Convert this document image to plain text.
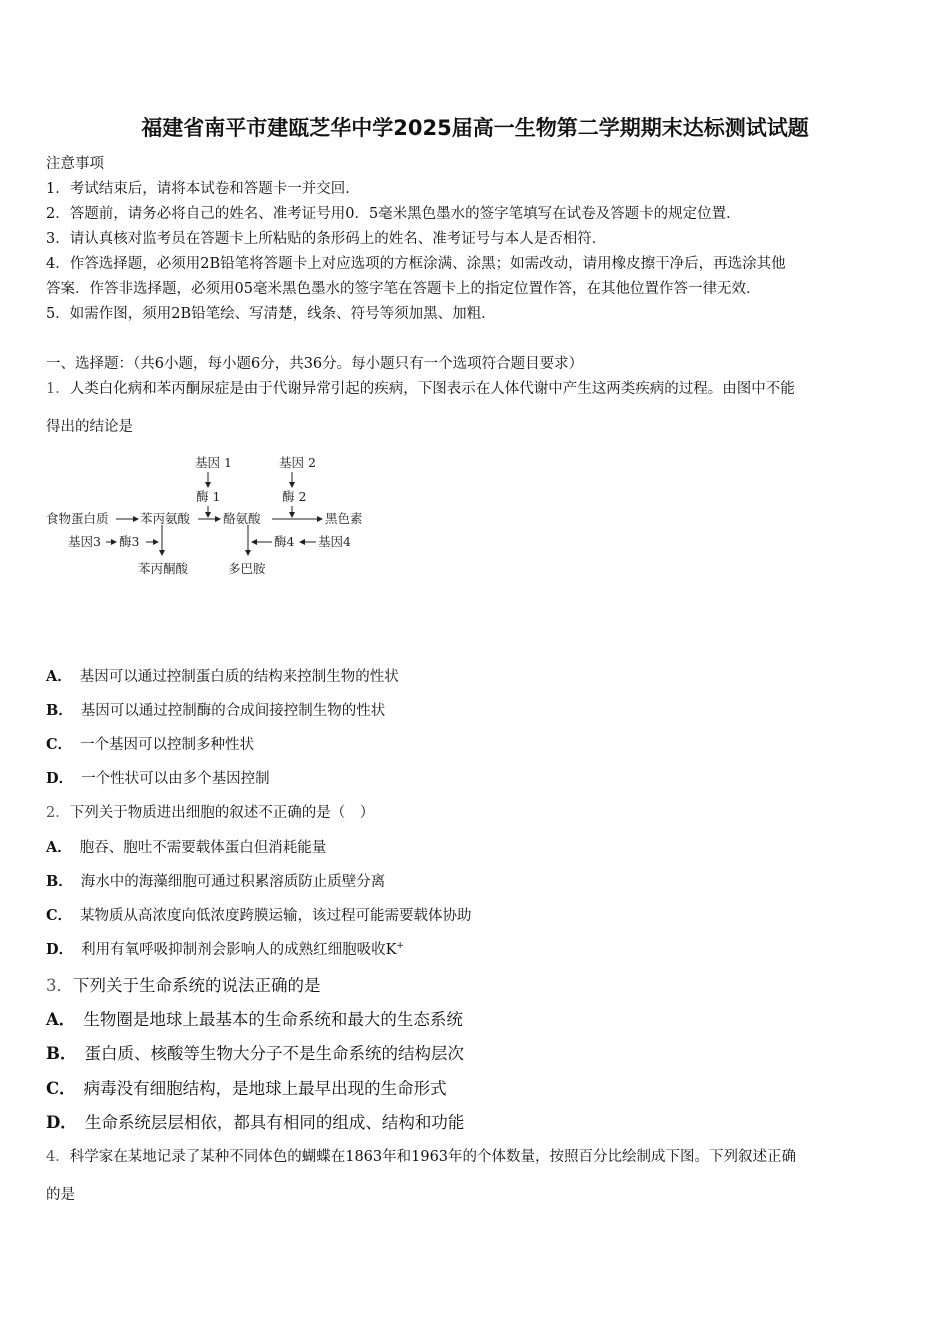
福建省南平市建瓯芝华中学2025届高一生物第二学期期末达标测试试题
注意事项
1．考试结束后，请将本试卷和答题卡一并交回．
2．答题前，请务必将自己的姓名、准考证号用0．5毫米黑色墨水的签字笔填写在试卷及答题卡的规定位置．
3．请认真核对监考员在答题卡上所粘贴的条形码上的姓名、准考证号与本人是否相符．
4．作答选择题，必须用2B铅笔将答题卡上对应选项的方框涂满、涂黑；如需改动，请用橡皮擦干净后，再选涂其他
答案．作答非选择题，必须用05毫米黑色墨水的签字笔在答题卡上的指定位置作答，在其他位置作答一律无效．
5．如需作图，须用2B铅笔绘、写清楚，线条、符号等须加黑、加粗．
一、选择题：（共6小题，每小题6分，共36分。每小题只有一个选项符合题目要求）
1．人类白化病和苯丙酮尿症是由于代谢异常引起的疾病，下图表示在人体代谢中产生这两类疾病的过程。由图中不能
得出的结论是
基因 1
酶 1
基因 2
酶 2
食物蛋白质	苯丙氨酸	酪氨酸	黑色素
基因3 酶3
苯丙酮酸	多巴胺
酶4 基因4
A． 基因可以通过控制蛋白质的结构来控制生物的性状
B． 基因可以通过控制酶的合成间接控制生物的性状
C． 一个基因可以控制多种性状
D． 一个性状可以由多个基因控制
2．下列关于物质进出细胞的叙述不正确的是（　）
A． 胞吞、胞吐不需要载体蛋白但消耗能量
B． 海水中的海藻细胞可通过积累溶质防止质壁分离
C． 某物质从高浓度向低浓度跨膜运输，该过程可能需要载体协助
D． 利用有氧呼吸抑制剂会影响人的成熟红细胞吸收K+
3．下列关于生命系统的说法正确的是
A． 生物圈是地球上最基本的生命系统和最大的生态系统
B． 蛋白质、核酸等生物大分子不是生命系统的结构层次
C． 病毒没有细胞结构，是地球上最早出现的生命形式
D． 生命系统层层相依，都具有相同的组成、结构和功能
4．科学家在某地记录了某种不同体色的蝴蝶在1863年和1963年的个体数量，按照百分比绘制成下图。下列叙述正确
的是
